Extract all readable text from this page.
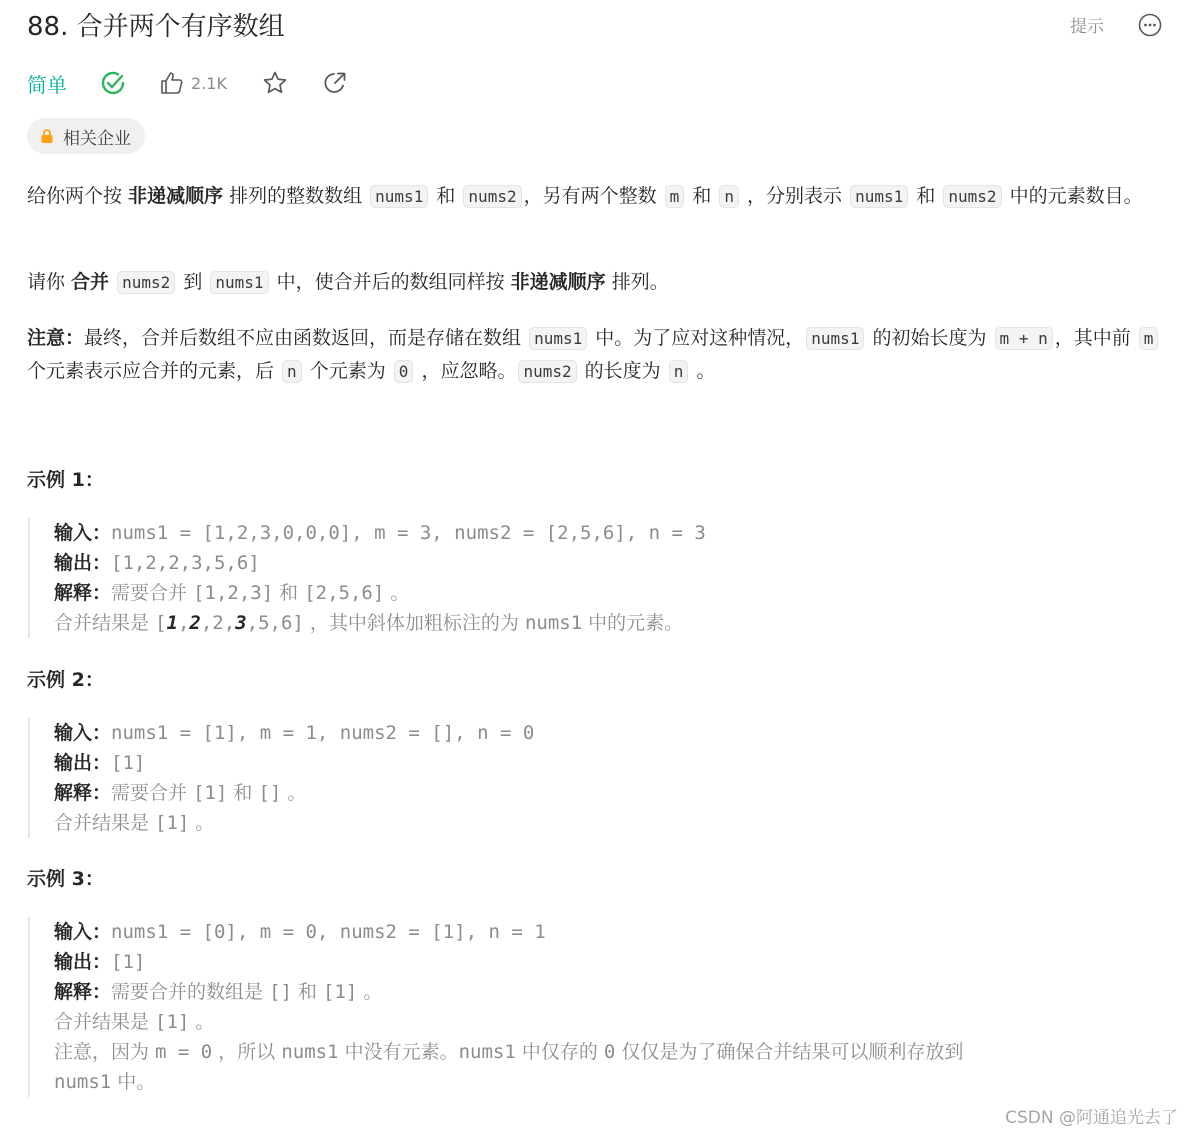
88. 合并两个有序数组	提示
简单	2.1K
相关企业
给你两个按 非递减顺序 排列的整数数组 nums1 和 nums2 ，另有两个整数 m 和 n ，分别表示 nums1 和 nums2 中的元素数目。
请你 合并 nums2 到 nums1 中，使合并后的数组同样按 非递减顺序 排列。
注意：最终，合并后数组不应由函数返回，而是存储在数组 nums1 中。为了应对这种情况， nums1 的初始长度为 m + n ，其中前 m 个元素表示应合并的元素，后 n 个元素为 0 ，应忽略。 nums2 的长度为 n 。
示例 1：
输入：nums1 = [1,2,3,0,0,0], m = 3, nums2 = [2,5,6], n = 3
输出：[1,2,2,3,5,6]
解释：需要合并 [1,2,3] 和 [2,5,6] 。
合并结果是 [1,2,2,3,5,6] ，其中斜体加粗标注的为 nums1 中的元素。
示例 2：
输入：nums1 = [1], m = 1, nums2 = [], n = 0
输出：[1]
解释：需要合并 [1] 和 [] 。
合并结果是 [1] 。
示例 3：
输入：nums1 = [0], m = 0, nums2 = [1], n = 1
输出：[1]
解释：需要合并的数组是 [] 和 [1] 。
合并结果是 [1] 。
注意，因为 m = 0 ，所以 nums1 中没有元素。nums1 中仅存的 0 仅仅是为了确保合并结果可以顺利存放到
nums1 中。
CSDN @阿通追光去了
